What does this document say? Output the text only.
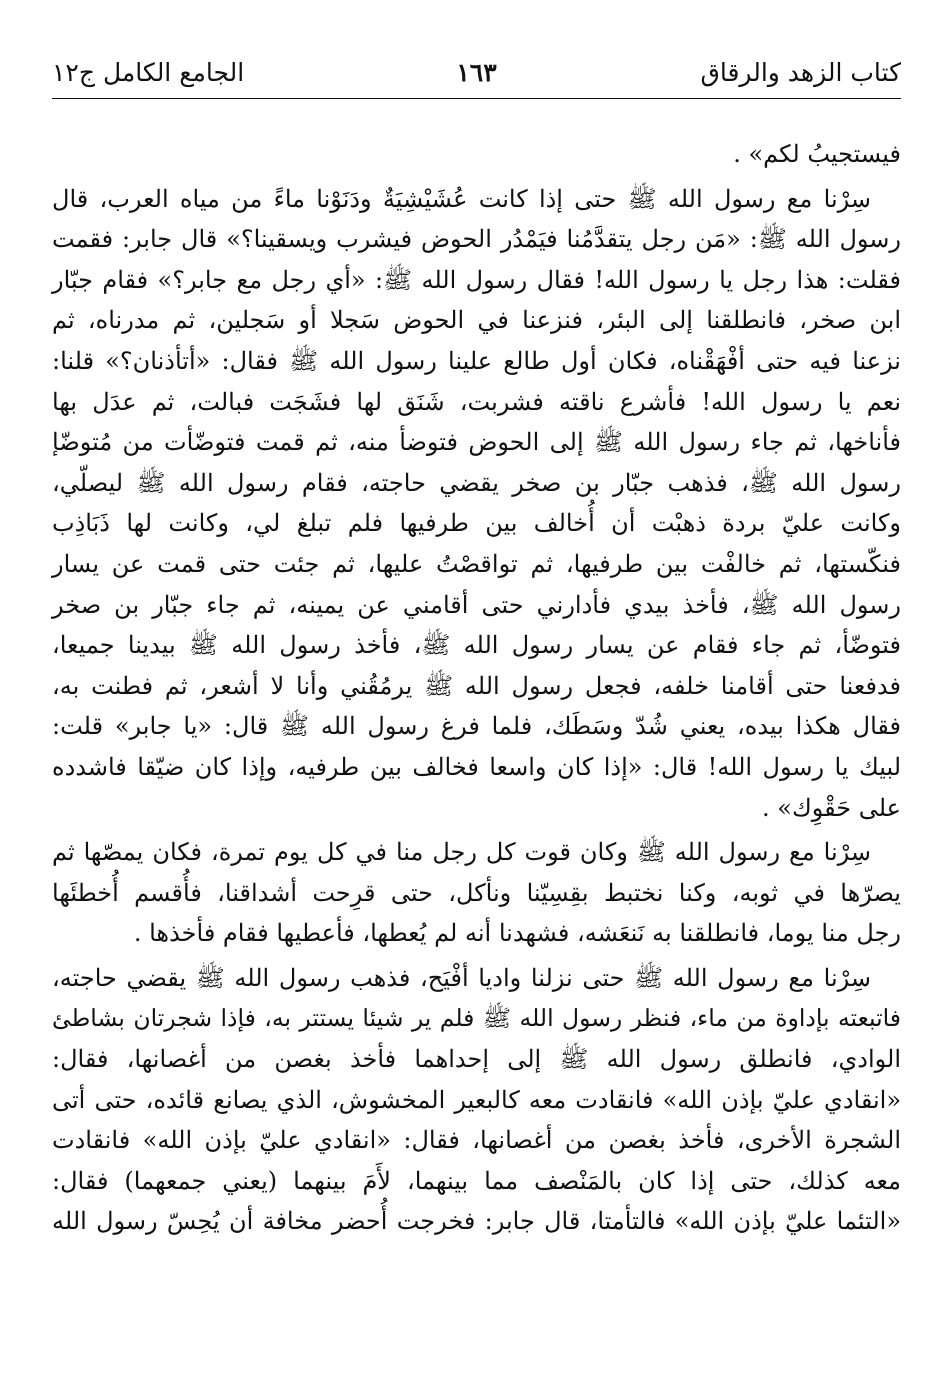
كتاب الزهد والرقاق
١٦٣
الجامع الكامل ج١٢

فيستجيبُ لكم» .

سِرْنا مع رسول الله ﷺ حتى إذا كانت عُشَيْشِيَةٌ ودَنَوْنا ماءً من مياه العرب، قال
رسول الله ﷺ: «مَن رجل يتقدَّمُنا فيَمْدُر الحوض فيشرب ويسقينا؟» قال جابر: فقمت
فقلت: هذا رجل يا رسول الله! فقال رسول الله ﷺ: «أي رجل مع جابر؟» فقام جبّار
ابن صخر، فانطلقنا إلى البئر، فنزعنا في الحوض سَجلا أو سَجلين، ثم مدرناه، ثم
نزعنا فيه حتى أفْهَقْناه، فكان أول طالع علينا رسول الله ﷺ فقال: «أتأذنان؟» قلنا:
نعم يا رسول الله! فأشرع ناقته فشربت، شَنَق لها فشَجَت فبالت، ثم عدَل بها
فأناخها، ثم جاء رسول الله ﷺ إلى الحوض فتوضأ منه، ثم قمت فتوضّأت من مُتوضّإ
رسول الله ﷺ، فذهب جبّار بن صخر يقضي حاجته، فقام رسول الله ﷺ ليصلّي،
وكانت عليّ بردة ذهبْت أن أُخالف بين طرفيها فلم تبلغ لي، وكانت لها ذَبَاذِب
فنكّستها، ثم خالفْت بين طرفيها، ثم تواقصْتُ عليها، ثم جئت حتى قمت عن يسار
رسول الله ﷺ، فأخذ بيدي فأدارني حتى أقامني عن يمينه، ثم جاء جبّار بن صخر
فتوضّأ، ثم جاء فقام عن يسار رسول الله ﷺ، فأخذ رسول الله ﷺ بيدينا جميعا،
فدفعنا حتى أقامنا خلفه، فجعل رسول الله ﷺ يرمُقُني وأنا لا أشعر، ثم فطنت به،
فقال هكذا بيده، يعني شُدّ وسَطَك، فلما فرغ رسول الله ﷺ قال: «يا جابر» قلت:
لبيك يا رسول الله! قال: «إذا كان واسعا فخالف بين طرفيه، وإذا كان ضيّقا فاشدده
على حَقْوِك» .

سِرْنا مع رسول الله ﷺ وكان قوت كل رجل منا في كل يوم تمرة، فكان يمصّها ثم
يصرّها في ثوبه، وكنا نختبط بقِسِيّنا ونأكل، حتى قرِحت أشداقنا، فأُقسم أُخطئَها
رجل منا يوما، فانطلقنا به نَنعَشه، فشهدنا أنه لم يُعطها، فأعطيها فقام فأخذها .

سِرْنا مع رسول الله ﷺ حتى نزلنا واديا أفْيَح، فذهب رسول الله ﷺ يقضي حاجته،
فاتبعته بإداوة من ماء، فنظر رسول الله ﷺ فلم ير شيئا يستتر به، فإذا شجرتان بشاطئ
الوادي، فانطلق رسول الله ﷺ إلى إحداهما فأخذ بغصن من أغصانها، فقال:
«انقادي عليّ بإذن الله» فانقادت معه كالبعير المخشوش، الذي يصانع قائده، حتى أتى
الشجرة الأخرى، فأخذ بغصن من أغصانها، فقال: «انقادي عليّ بإذن الله» فانقادت
معه كذلك، حتى إذا كان بالمَنْصف مما بينهما، لأَمَ بينهما (يعني جمعهما) فقال:
«التئما عليّ بإذن الله» فالتأمتا، قال جابر: فخرجت أُحضر مخافة أن يُحِسّ رسول الله
